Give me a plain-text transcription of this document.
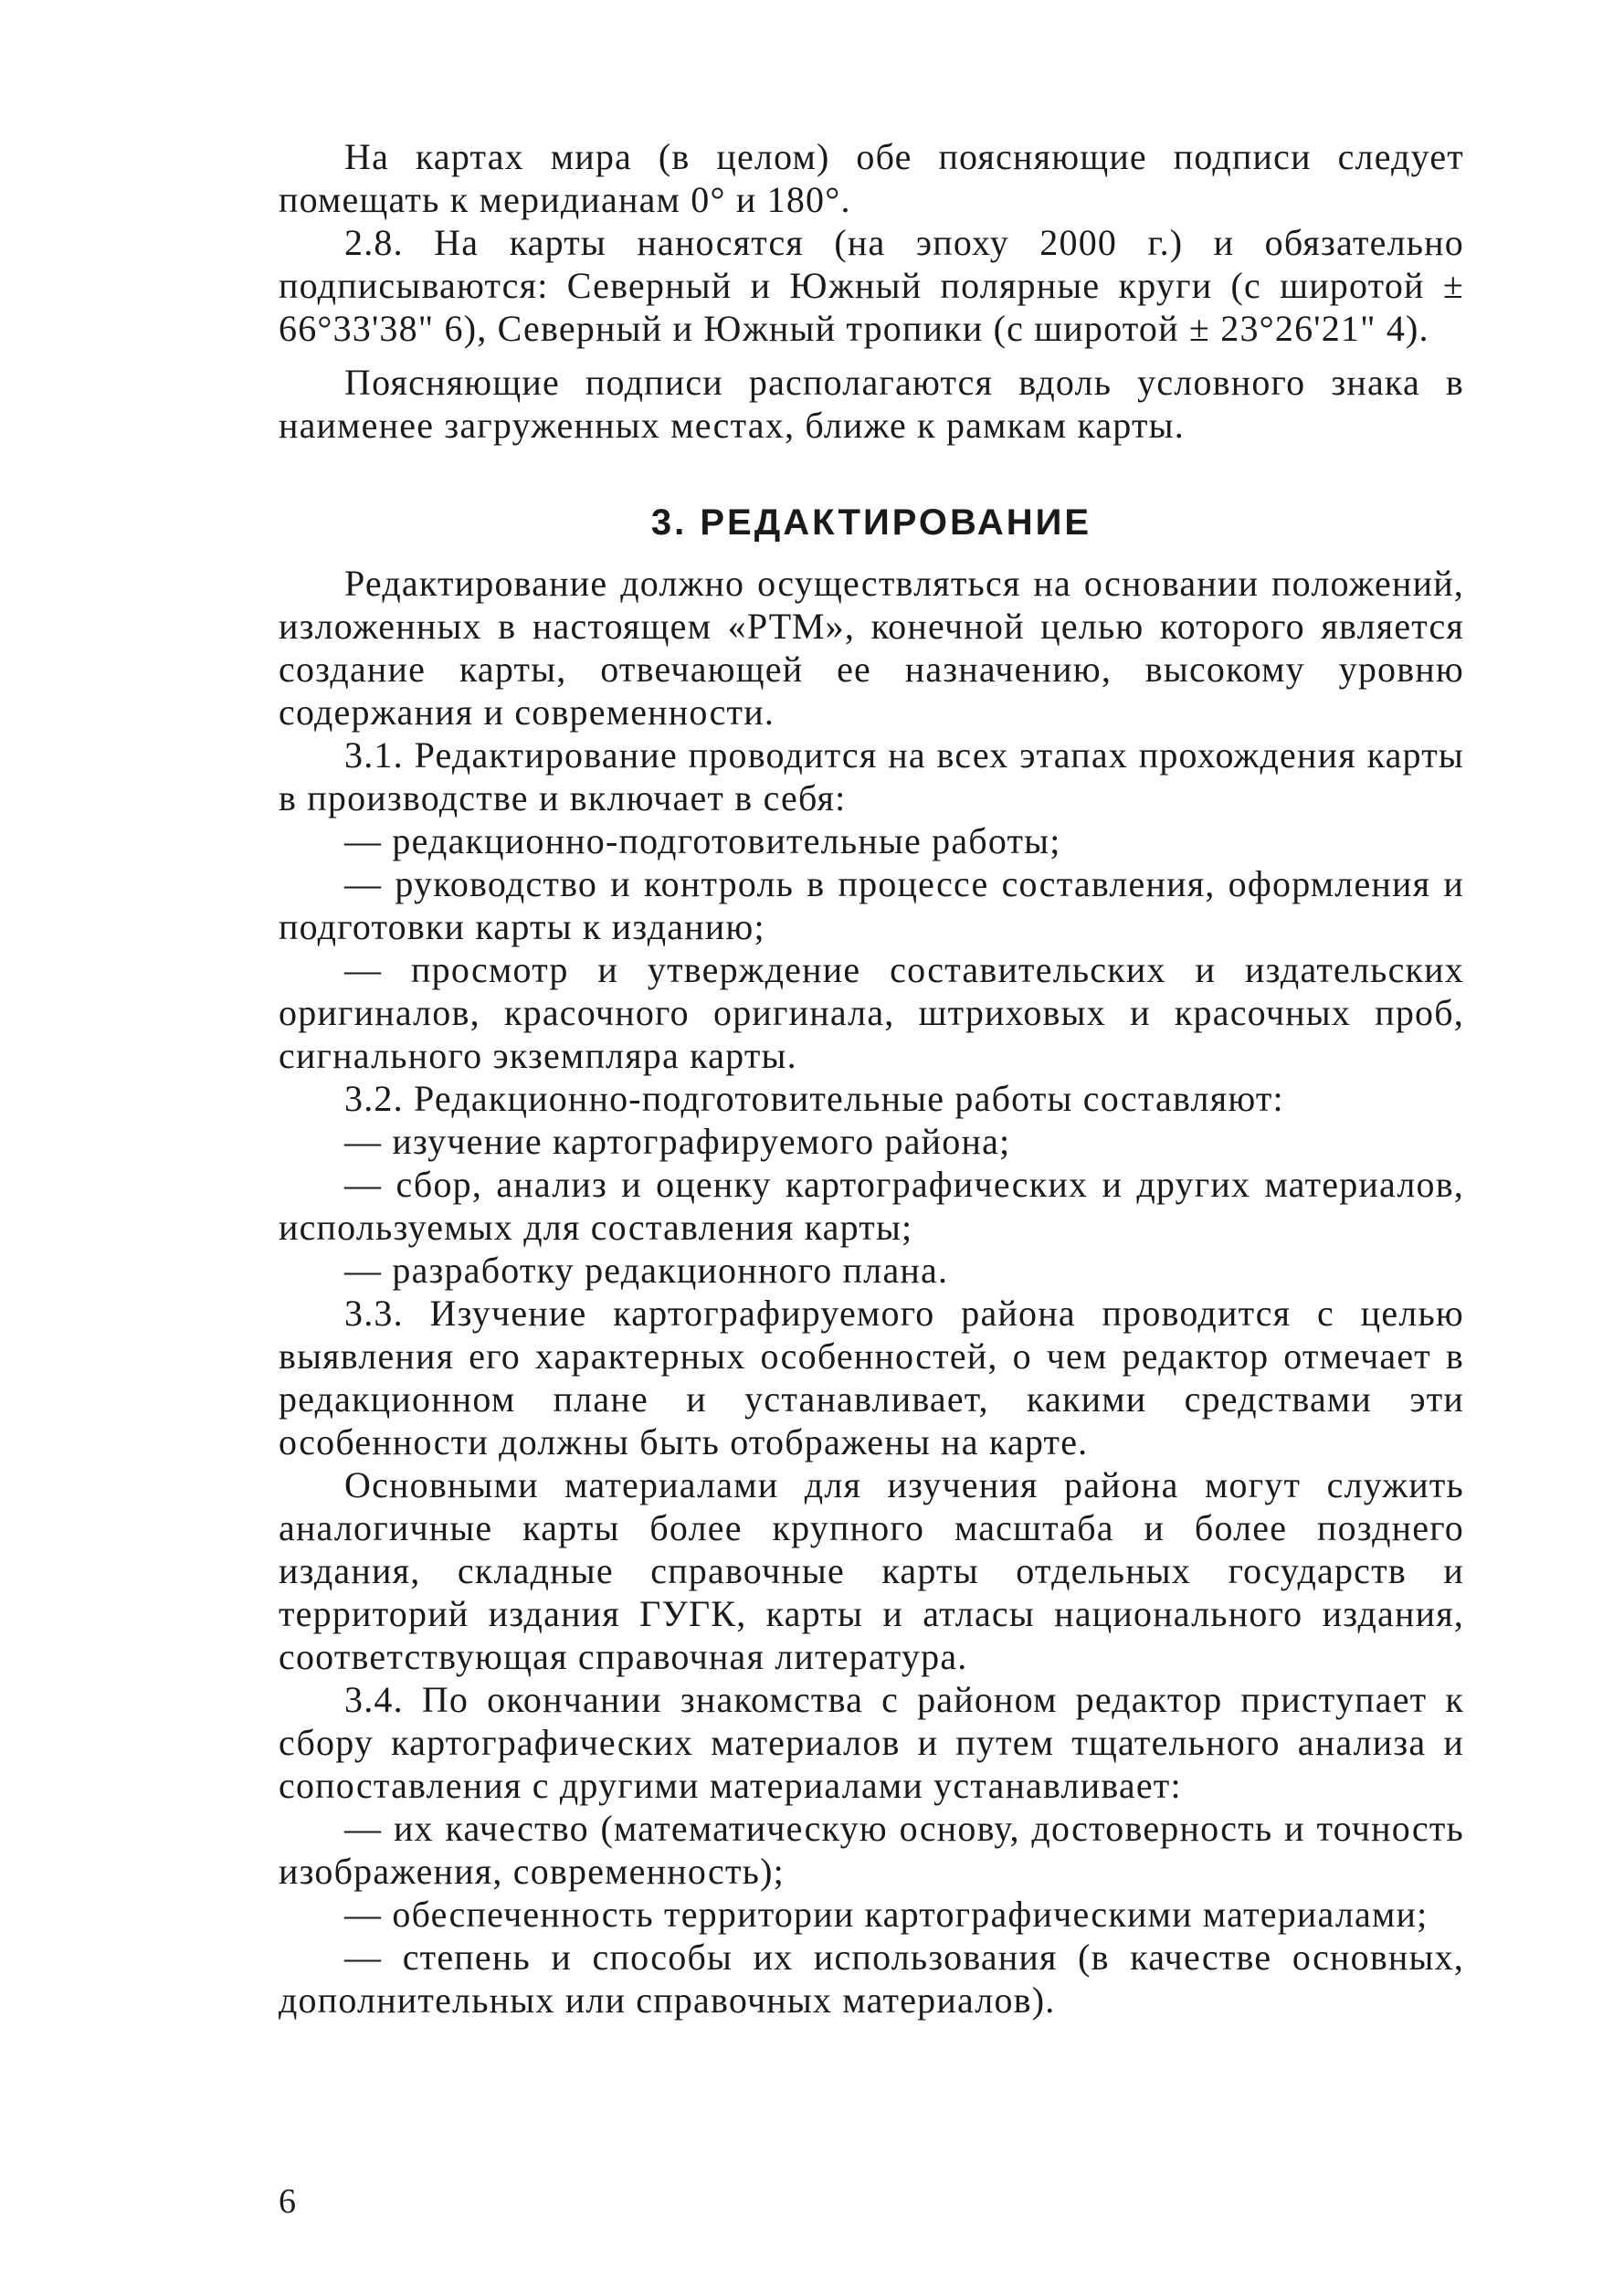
На картах мира (в целом) обе поясняющие подписи следует помещать к меридианам 0° и 180°.

2.8. На карты наносятся (на эпоху 2000 г.) и обязательно подписываются: Северный и Южный полярные круги (с широтой ± 66°33'38" 6), Северный и Южный тропики (с широтой ± 23°26'21" 4).

Поясняющие подписи располагаются вдоль условного знака в наименее загруженных местах, ближе к рамкам карты.

3. РЕДАКТИРОВАНИЕ

Редактирование должно осуществляться на основании положений, изложенных в настоящем «РТМ», конечной целью которого является создание карты, отвечающей ее назначению, высокому уровню содержания и современности.

3.1. Редактирование проводится на всех этапах прохождения карты в производстве и включает в себя:

— редакционно-подготовительные работы;

— руководство и контроль в процессе составления, оформления и подготовки карты к изданию;

— просмотр и утверждение составительских и издательских оригиналов, красочного оригинала, штриховых и красочных проб, сигнального экземпляра карты.

3.2. Редакционно-подготовительные работы составляют:

— изучение картографируемого района;

— сбор, анализ и оценку картографических и других материалов, используемых для составления карты;

— разработку редакционного плана.

3.3. Изучение картографируемого района проводится с целью выявления его характерных особенностей, о чем редактор отмечает в редакционном плане и устанавливает, какими средствами эти особенности должны быть отображены на карте.

Основными материалами для изучения района могут служить аналогичные карты более крупного масштаба и более позднего издания, складные справочные карты отдельных государств и территорий издания ГУГК, карты и атласы национального издания, соответствующая справочная литература.

3.4. По окончании знакомства с районом редактор приступает к сбору картографических материалов и путем тщательного анализа и сопоставления с другими материалами устанавливает:

— их качество (математическую основу, достоверность и точность изображения, современность);

— обеспеченность территории картографическими материалами;

— степень и способы их использования (в качестве основных, дополнительных или справочных материалов).

6
